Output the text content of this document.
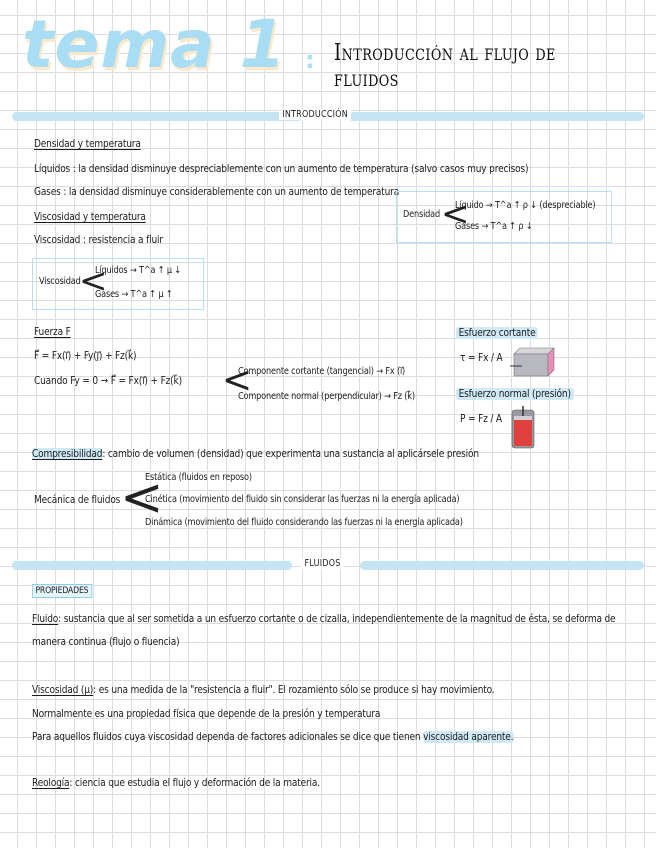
tema 1 : Introducción al flujo de fluidos
INTRODUCCIÓN
Densidad y temperatura
Líquidos : la densidad disminuye despreciablemente con un aumento de temperatura (salvo casos muy precisos)
Gases : la densidad disminuye considerablemente con un aumento de temperatura
Densidad <
Líquido → T^a ↑ ρ ↓ (despreciable)
Gases → T^a ↑ ρ ↓
Viscosidad y temperatura
Viscosidad : resistencia a fluir
Viscosidad
<
Líquidos → T^a ↑ μ ↓
Gases → T^a ↑ μ ↑
Fuerza F
F⃗ = Fx(i⃗) + Fy(j⃗) + Fz(k⃗)
Cuando Fy = 0 → F⃗ = Fx(i⃗) + Fz(k⃗) <
Componente cortante (tangencial) → Fx (i⃗)
Componente normal (perpendicular) → Fz (k⃗)
Esfuerzo cortante
τ = Fx / A
Esfuerzo normal (presión)
P = Fz / A
Compresibilidad: cambio de volumen (densidad) que experimenta una sustancia al aplicársele presión
Mecánica de fluidos <
Estática (fluidos en reposo)
Cinética (movimiento del fluido sin considerar las fuerzas ni la energía aplicada)
Dinámica (movimiento del fluido considerando las fuerzas ni la energía aplicada)
FLUIDOS
PROPIEDADES
Fluido: sustancia que al ser sometida a un esfuerzo cortante o de cizalla, independientemente de la magnitud de ésta, se deforma de
manera continua (flujo o fluencia)
Viscosidad (μ): es una medida de la "resistencia a fluir". El rozamiento sólo se produce si hay movimiento.
Normalmente es una propiedad física que depende de la presión y temperatura
Para aquellos fluidos cuya viscosidad dependa de factores adicionales se dice que tienen viscosidad aparente.
Reología: ciencia que estudia el flujo y deformación de la materia.
